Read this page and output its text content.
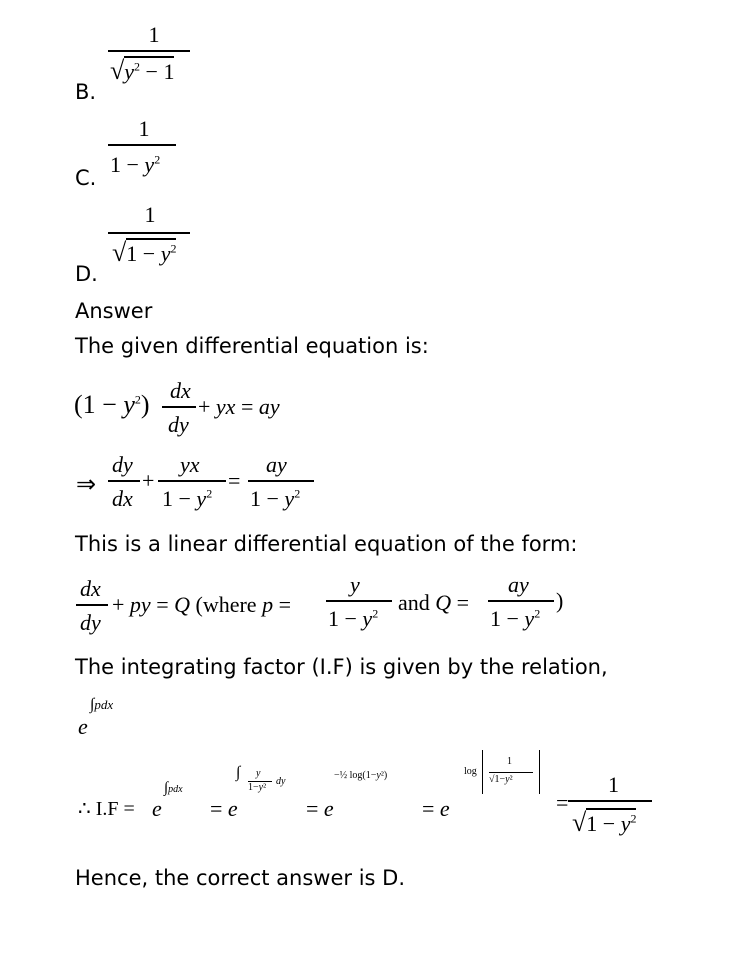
1
$√y^2 - 1$
B.
1
$1 - y^2$
C.
1
$√1 - y^2$
D.
Answer
The given differential equation is:
$(1 - y^2)$ dx
dy
+ yx = ay
⇒
dy
dx
+
yx
$1 - y^2$
=
ay
$1 - y^2$
This is a linear differential equation of the form:
dx
dy
+ py = Q (where p =
y
$1 - y^2$ and Q =
ay
$1 - y^2$
)
The integrating factor (I.F) is given by the relation,
e
∫pdx
∴ I.F = e
∫pdx
= e
∫ y
1−y²
dy
= e
−½ log(1−y²)
= e
log
1
√1−y²
=
1
$√1 - y^2$
Hence, the correct answer is D.
